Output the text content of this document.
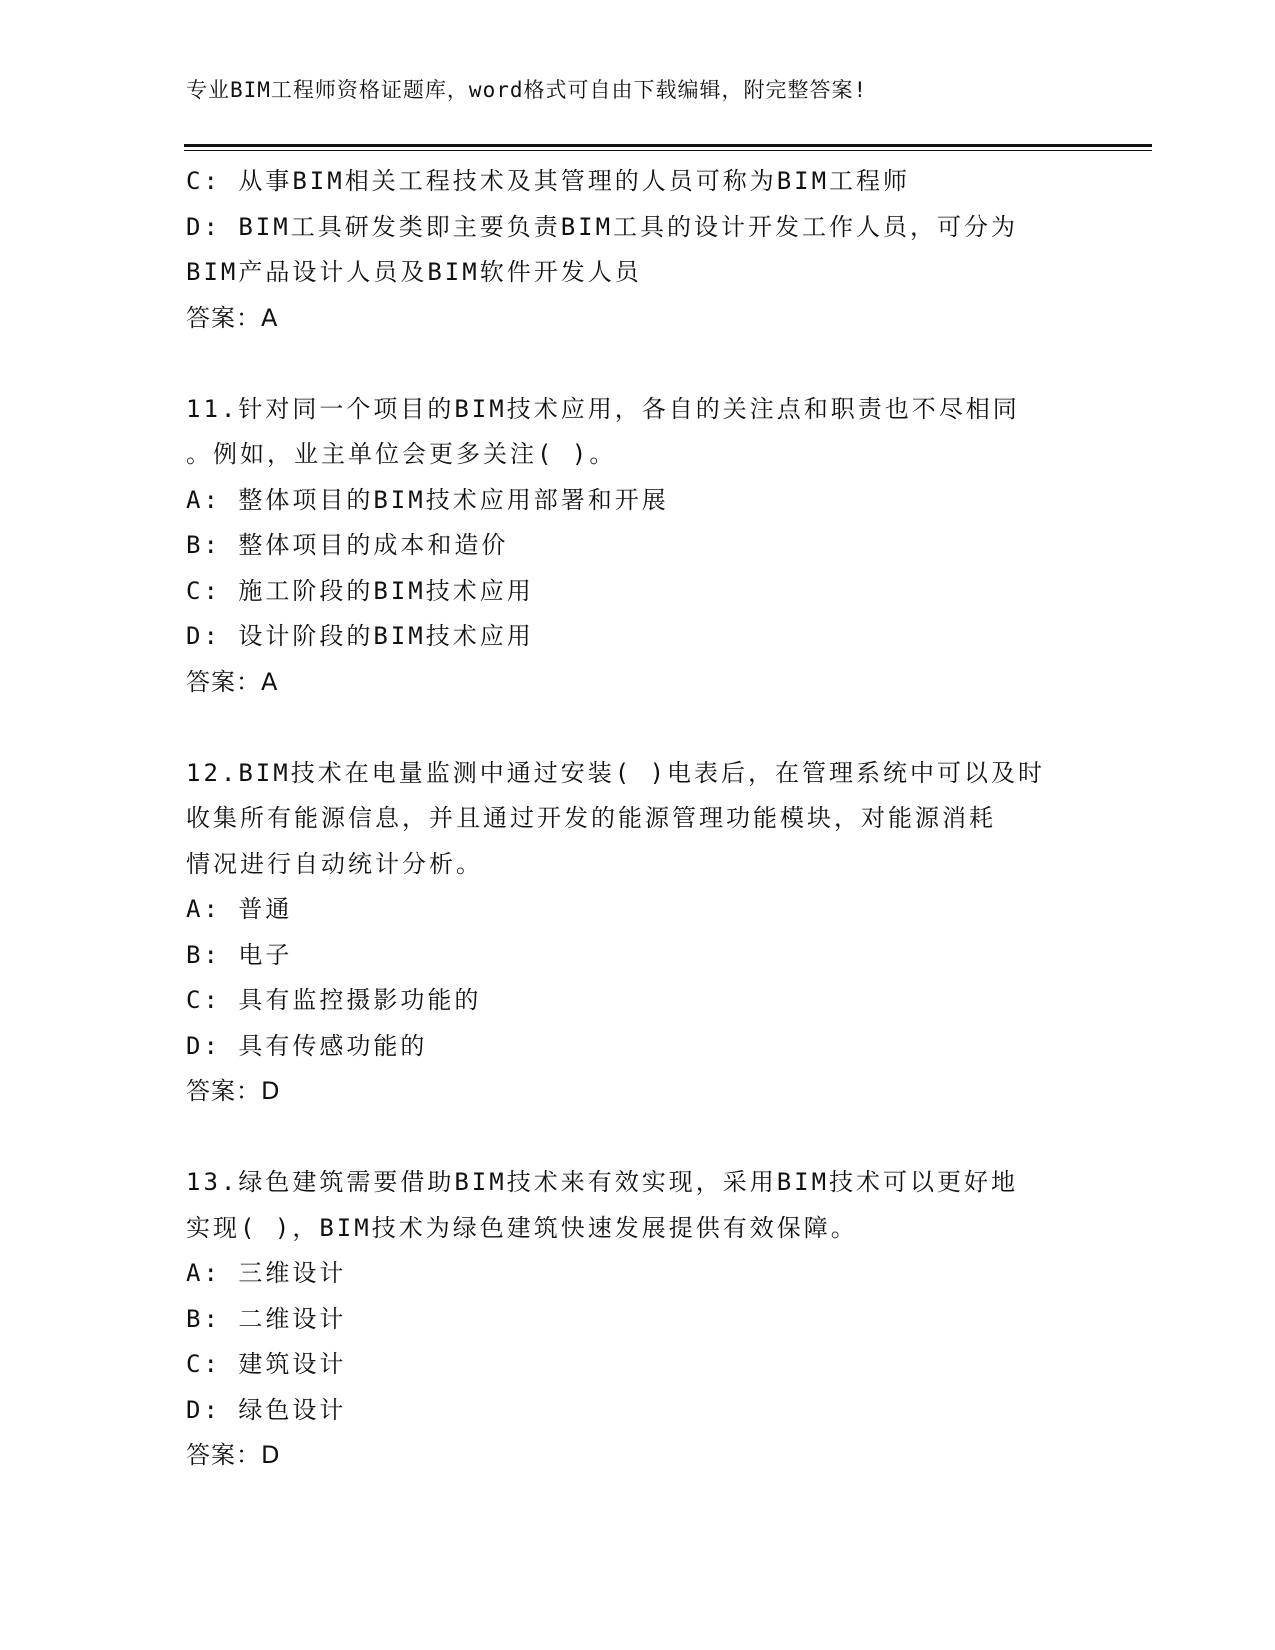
专业BIM工程师资格证题库，word格式可自由下载编辑，附完整答案!
C: 从事BIM相关工程技术及其管理的人员可称为BIM工程师
D: BIM工具研发类即主要负责BIM工具的设计开发工作人员，可分为
BIM产品设计人员及BIM软件开发人员
答案：A
11.针对同一个项目的BIM技术应用，各自的关注点和职责也不尽相同
。例如，业主单位会更多关注( )。
A: 整体项目的BIM技术应用部署和开展
B: 整体项目的成本和造价
C: 施工阶段的BIM技术应用
D: 设计阶段的BIM技术应用
答案：A
12.BIM技术在电量监测中通过安装( )电表后，在管理系统中可以及时
收集所有能源信息，并且通过开发的能源管理功能模块，对能源消耗
情况进行自动统计分析。
A: 普通
B: 电子
C: 具有监控摄影功能的
D: 具有传感功能的
答案：D
13.绿色建筑需要借助BIM技术来有效实现，采用BIM技术可以更好地
实现( )，BIM技术为绿色建筑快速发展提供有效保障。
A: 三维设计
B: 二维设计
C: 建筑设计
D: 绿色设计
答案：D
